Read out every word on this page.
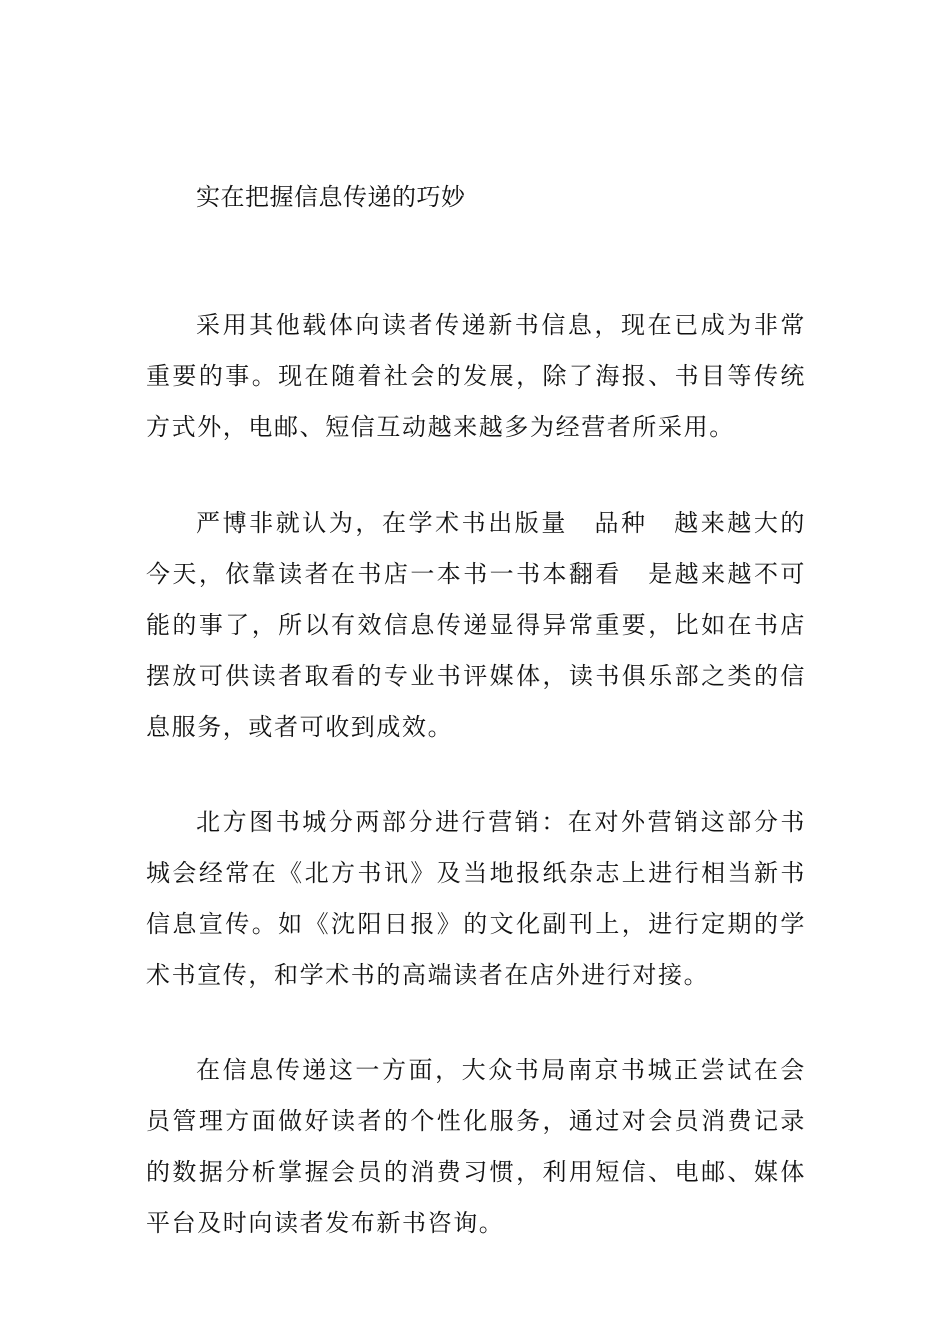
实在把握信息传递的巧妙

采用其他载体向读者传递新书信息，现在已成为非常重要的事。现在随着社会的发展，除了海报、书目等传统方式外，电邮、短信互动越来越多为经营者所采用。

严博非就认为，在学术书出版量　品种　越来越大的今天，依靠读者在书店一本书一书本翻看　是越来越不可能的事了，所以有效信息传递显得异常重要，比如在书店摆放可供读者取看的专业书评媒体，读书俱乐部之类的信息服务，或者可收到成效。

北方图书城分两部分进行营销：在对外营销这部分书城会经常在《北方书讯》及当地报纸杂志上进行相当新书信息宣传。如《沈阳日报》的文化副刊上，进行定期的学术书宣传，和学术书的高端读者在店外进行对接。

在信息传递这一方面，大众书局南京书城正尝试在会员管理方面做好读者的个性化服务，通过对会员消费记录的数据分析掌握会员的消费习惯，利用短信、电邮、媒体平台及时向读者发布新书咨询。
